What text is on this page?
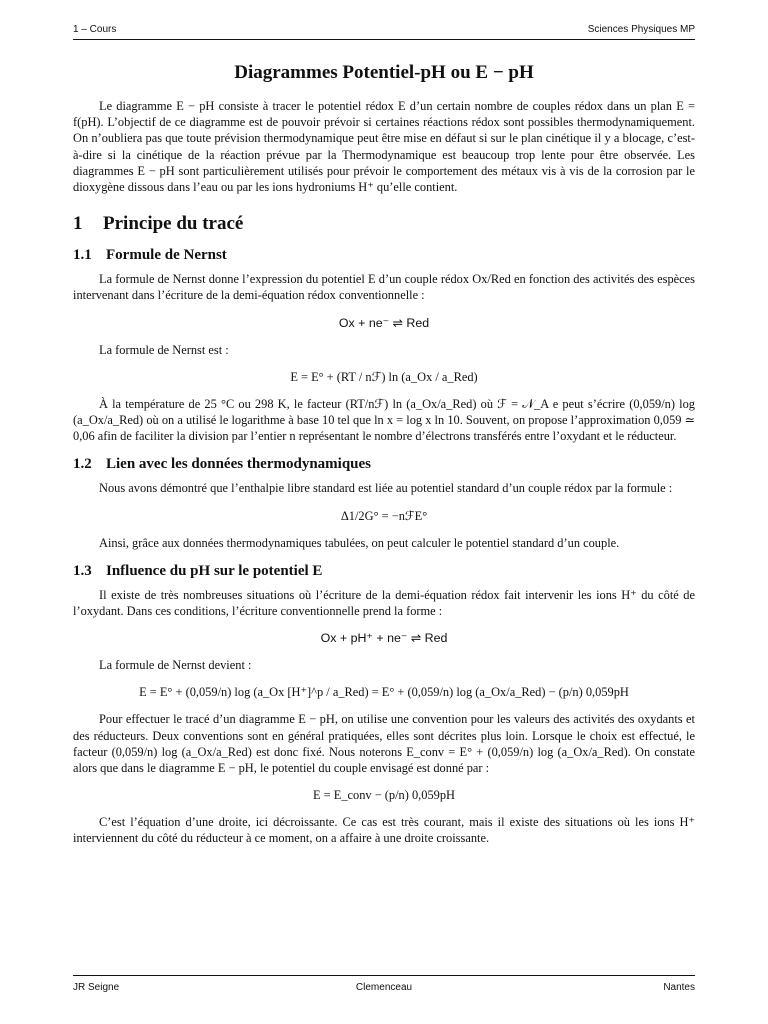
1 – Cours	Sciences Physiques MP
Diagrammes Potentiel-pH ou E − pH

Le diagramme E − pH consiste à tracer le potentiel rédox E d’un certain nombre de couples rédox dans un plan E = f(pH). L’objectif de ce diagramme est de pouvoir prévoir si certaines réactions rédox sont possibles thermodynamiquement. On n’oubliera pas que toute prévision thermodynamique peut être mise en défaut si sur le plan cinétique il y a blocage, c’est-à-dire si la cinétique de la réaction prévue par la Thermodynamique est beaucoup trop lente pour être observée. Les diagrammes E − pH sont particulièrement utilisés pour prévoir le comportement des métaux vis à vis de la corrosion par le dioxygène dissous dans l’eau ou par les ions hydroniums H⁺ qu’elle contient.

1 Principe du tracé
1.1 Formule de Nernst

La formule de Nernst donne l’expression du potentiel E d’un couple rédox Ox/Red en fonction des activités des espèces intervenant dans l’écriture de la demi-équation rédox conventionnelle :

Ox + ne⁻ ⇌ Red

La formule de Nernst est :

E = E° + (RT / nℱ) ln (a_Ox / a_Red)

À la température de 25 °C ou 298 K, le facteur (RT/nℱ) ln (a_Ox/a_Red) où ℱ = 𝒩_A e peut s’écrire (0,059/n) log (a_Ox/a_Red) où on a utilisé le logarithme à base 10 tel que ln x = log x ln 10. Souvent, on propose l’approximation 0,059 ≃ 0,06 afin de faciliter la division par l’entier n représentant le nombre d’électrons transférés entre l’oxydant et le réducteur.

1.2 Lien avec les données thermodynamiques

Nous avons démontré que l’enthalpie libre standard est liée au potentiel standard d’un couple rédox par la formule :

Δ1/2G° = −nℱE°

Ainsi, grâce aux données thermodynamiques tabulées, on peut calculer le potentiel standard d’un couple.

1.3 Influence du pH sur le potentiel E

Il existe de très nombreuses situations où l’écriture de la demi-équation rédox fait intervenir les ions H⁺ du côté de l’oxydant. Dans ces conditions, l’écriture conventionnelle prend la forme :

Ox + pH⁺ + ne⁻ ⇌ Red

La formule de Nernst devient :

E = E° + (0,059/n) log (a_Ox [H⁺]^p / a_Red) = E° + (0,059/n) log (a_Ox/a_Red) − (p/n) 0,059pH

Pour effectuer le tracé d’un diagramme E − pH, on utilise une convention pour les valeurs des activités des oxydants et des réducteurs. Deux conventions sont en général pratiquées, elles sont décrites plus loin. Lorsque le choix est effectué, le facteur (0,059/n) log (a_Ox/a_Red) est donc fixé. Nous noterons E_conv = E° + (0,059/n) log (a_Ox/a_Red). On constate alors que dans le diagramme E − pH, le potentiel du couple envisagé est donné par :

E = E_conv − (p/n) 0,059pH

C’est l’équation d’une droite, ici décroissante. Ce cas est très courant, mais il existe des situations où les ions H⁺ interviennent du côté du réducteur à ce moment, on a affaire à une droite croissante.

JR Seigne	Clemenceau	Nantes
